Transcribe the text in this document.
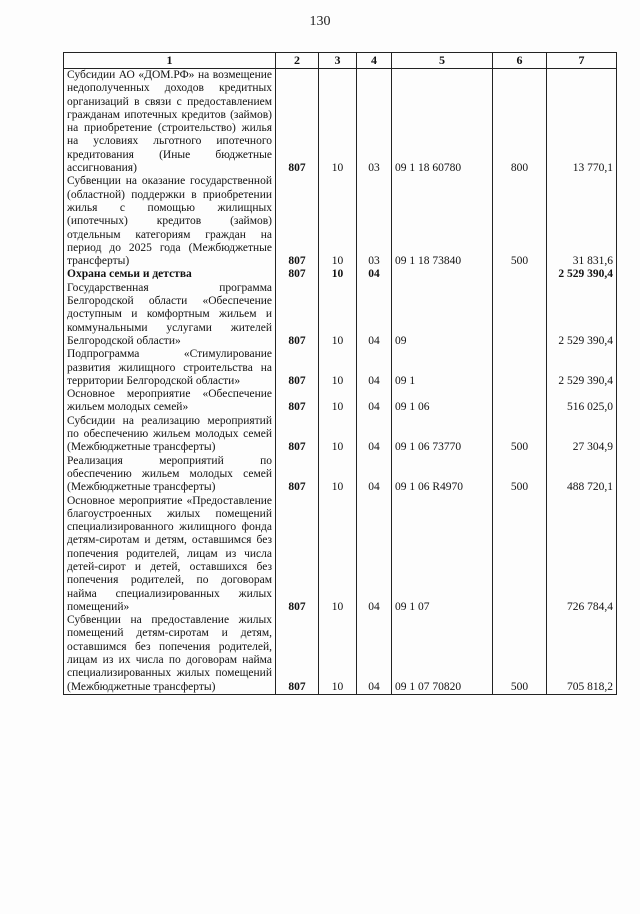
130
1	2	3	4	5	6	7
Субсидии АО «ДОМ.РФ» на возмещение недополученных доходов кредитных организаций в связи с предоставлением гражданам ипотечных кредитов (займов) на приобретение (строительство) жилья на условиях льготного ипотечного кредитования (Иные бюджетные ассигнования)	807	10	03	09 1 18 60780	800	13 770,1
Субвенции на оказание государственной (областной) поддержки в приобретении жилья с помощью жилищных (ипотечных) кредитов (займов) отдельным категориям граждан на период до 2025 года (Межбюджетные трансферты)	807	10	03	09 1 18 73840	500	31 831,6
Охрана семьи и детства	807	10	04			2 529 390,4
Государственная программа Белгородской области «Обеспечение доступным и комфортным жильем и коммунальными услугами жителей Белгородской области»	807	10	04	09		2 529 390,4
Подпрограмма «Стимулирование развития жилищного строительства на территории Белгородской области»	807	10	04	09 1		2 529 390,4
Основное мероприятие «Обеспечение жильем молодых семей»	807	10	04	09 1 06		516 025,0
Субсидии на реализацию мероприятий по обеспечению жильем молодых семей (Межбюджетные трансферты)	807	10	04	09 1 06 73770	500	27 304,9
Реализация мероприятий по обеспечению жильем молодых семей (Межбюджетные трансферты)	807	10	04	09 1 06 R4970	500	488 720,1
Основное мероприятие «Предоставление благоустроенных жилых помещений специализированного жилищного фонда детям-сиротам и детям, оставшимся без попечения родителей, лицам из числа детей-сирот и детей, оставшихся без попечения родителей, по договорам найма специализированных жилых помещений»	807	10	04	09 1 07		726 784,4
Субвенции на предоставление жилых помещений детям-сиротам и детям, оставшимся без попечения родителей, лицам из их числа по договорам найма специализированных жилых помещений (Межбюджетные трансферты)	807	10	04	09 1 07 70820	500	705 818,2
